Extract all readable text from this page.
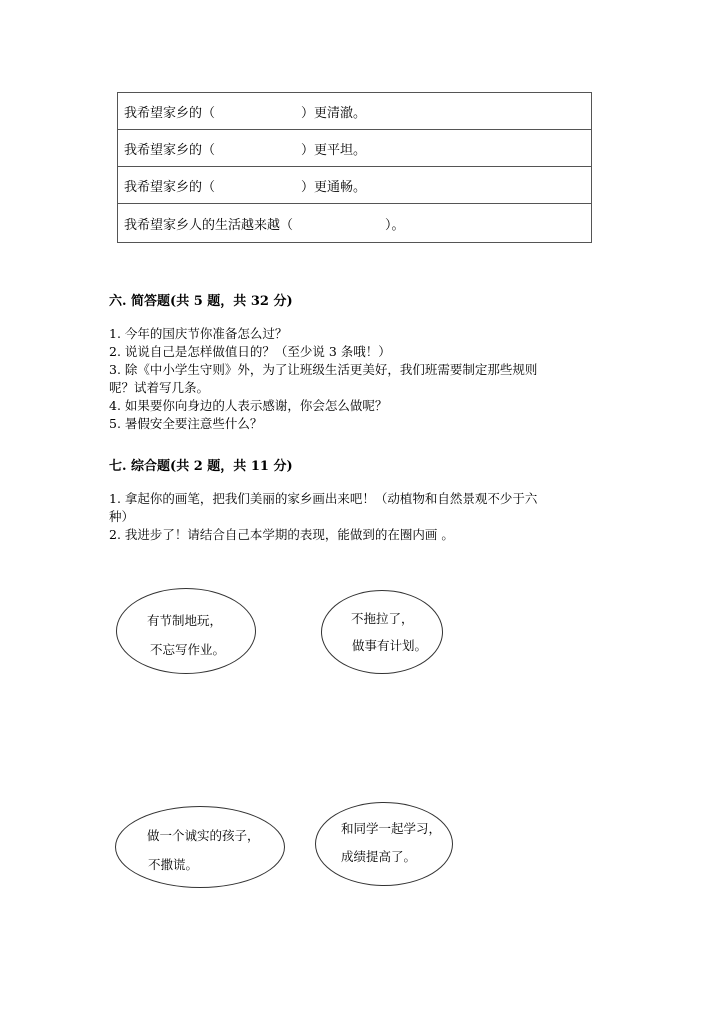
我希望家乡的（	）更清澈。
我希望家乡的（	）更平坦。
我希望家乡的（	）更通畅。
我希望家乡人的生活越来越（	）。
六. 简答题(共 5 题，共 32 分)
1. 今年的国庆节你准备怎么过？
2. 说说自己是怎样做值日的？（至少说 3 条哦！）
3. 除《中小学生守则》外，为了让班级生活更美好，我们班需要制定那些规则
呢？试着写几条。
4. 如果要你向身边的人表示感谢，你会怎么做呢？
5. 暑假安全要注意些什么？
七. 综合题(共 2 题，共 11 分)
1. 拿起你的画笔，把我们美丽的家乡画出来吧！（动植物和自然景观不少于六
种）
2. 我进步了！请结合自己本学期的表现，能做到的在圈内画 。
有节制地玩，
不忘写作业。
不拖拉了，
做事有计划。
做一个诚实的孩子，
不撒谎。
和同学一起学习，
成绩提高了。
